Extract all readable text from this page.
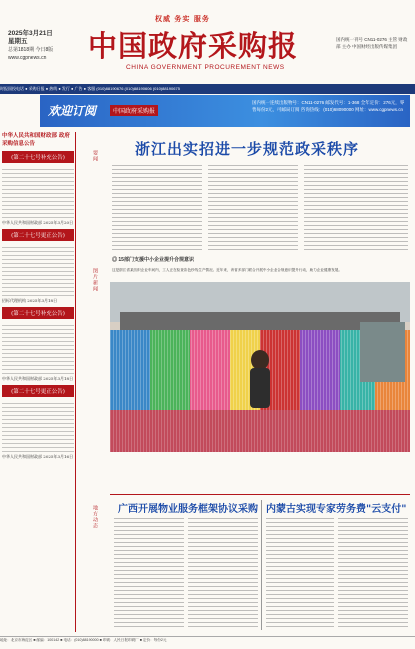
2025年3月21日
星期五
总第1818期 今日8版
www.cgpnews.cn
权威 务实 服务
中国政府采购报
CHINA GOVERNMENT PROCUREMENT NEWS
国内统一刊号 CN11-0276 主管 财政部 主办 中国财经出版传媒集团
时报国投电话 ● 采购日报 ● 热线 ● 发行 ● 广告 ● 客服 (010)88190676 (010)88190606 (010)88190675
欢迎订阅	中国政府采购报
国内统一连续出版物号：CN11-0276 邮发代号：1-368 全年定价：276元，零售每份2元，可邮局订阅 咨询热线：(010)68090000 网址：www.cgpnews.cn
中华人民共和国财政部 政府采购信息公告
(第二十七号补充公告)
中华人民共和国财政部 2025年3月20日
(第二十七号更正公告)
招标代理机构 2025年3月18日
(第二十七号补充公告)
中华人民共和国财政部 2025年3月18日
(第二十七号更正公告)
中华人民共和国财政部 2025年3月16日
要闻
图片新闻
地方动态
浙江出实招进一步规范政采秩序
◎ 15部门支援中小企业提升合规意识
这是浙江省某纺织企业车间内，工人正在检查彩色纱线生产情况。近年来，该省多部门联合开展中小企业合规意识提升行动，助力企业健康发展。
广西开展物业服务框架协议采购 内蒙古实现专家劳务费"云支付"
地址：北京市海淀区 ■ 邮编：100142 ■ 电话：(010)88190000 ■ 印刷：人民日报印刷厂 ■ 定价：每份2元
